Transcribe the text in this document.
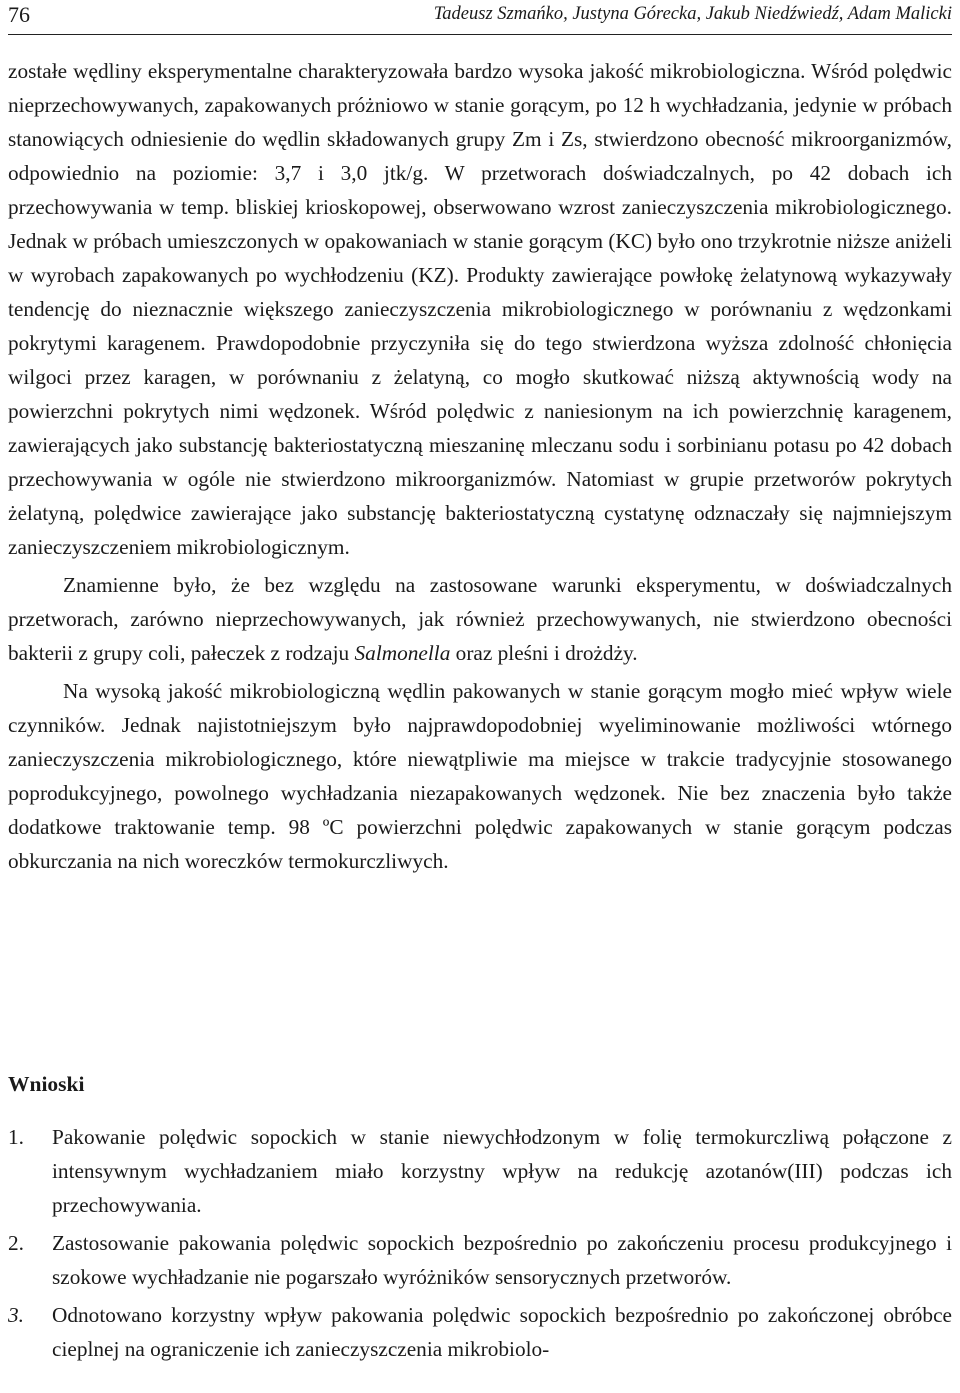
76	Tadeusz Szmańko, Justyna Górecka, Jakub Niedźwiedź, Adam Malicki

zostałe wędliny eksperymentalne charakteryzowała bardzo wysoka jakość mikrobiologiczna. Wśród polędwic nieprzechowywanych, zapakowanych próżniowo w stanie gorącym, po 12 h wychładzania, jedynie w próbach stanowiących odniesienie do wędlin składowanych grupy Zm i Zs, stwierdzono obecność mikroorganizmów, odpowiednio na poziomie: 3,7 i 3,0 jtk/g. W przetworach doświadczalnych, po 42 dobach ich przechowywania w temp. bliskiej krioskopowej, obserwowano wzrost zanieczyszczenia mikrobiologicznego. Jednak w próbach umieszczonych w opakowaniach w stanie gorącym (KC) było ono trzykrotnie niższe aniżeli w wyrobach zapakowanych po wychłodzeniu (KZ). Produkty zawierające powłokę żelatynową wykazywały tendencję do nieznacznie większego zanieczyszczenia mikrobiologicznego w porównaniu z wędzonkami pokrytymi karagenem. Prawdopodobnie przyczyniła się do tego stwierdzona wyższa zdolność chłonięcia wilgoci przez karagen, w porównaniu z żelatyną, co mogło skutkować niższą aktywnością wody na powierzchni pokrytych nimi wędzonek. Wśród polędwic z naniesionym na ich powierzchnię karagenem, zawierających jako substancję bakteriostatyczną mieszaninę mleczanu sodu i sorbinianu potasu po 42 dobach przechowywania w ogóle nie stwierdzono mikroorganizmów. Natomiast w grupie przetworów pokrytych żelatyną, polędwice zawierające jako substancję bakteriostatyczną cystatynę odznaczały się najmniejszym zanieczyszczeniem mikrobiologicznym.

Znamienne było, że bez względu na zastosowane warunki eksperymentu, w doświadczalnych przetworach, zarówno nieprzechowywanych, jak również przechowywanych, nie stwierdzono obecności bakterii z grupy coli, pałeczek z rodzaju Salmonella oraz pleśni i drożdży.

Na wysoką jakość mikrobiologiczną wędlin pakowanych w stanie gorącym mogło mieć wpływ wiele czynników. Jednak najistotniejszym było najprawdopodobniej wyeliminowanie możliwości wtórnego zanieczyszczenia mikrobiologicznego, które niewątpliwie ma miejsce w trakcie tradycyjnie stosowanego poprodukcyjnego, powolnego wychładzania niezapakowanych wędzonek. Nie bez znaczenia było także dodatkowe traktowanie temp. 98 ºC powierzchni polędwic zapakowanych w stanie gorącym podczas obkurczania na nich woreczków termokurczliwych.

Wnioski
1. Pakowanie polędwic sopockich w stanie niewychłodzonym w folię termokurczliwą połączone z intensywnym wychładzaniem miało korzystny wpływ na redukcję azotanów(III) podczas ich przechowywania.
2. Zastosowanie pakowania polędwic sopockich bezpośrednio po zakończeniu procesu produkcyjnego i szokowe wychładzanie nie pogarszało wyróżników sensorycznych przetworów.
3. Odnotowano korzystny wpływ pakowania polędwic sopockich bezpośrednio po zakończonej obróbce cieplnej na ograniczenie ich zanieczyszczenia mikrobiolo-
